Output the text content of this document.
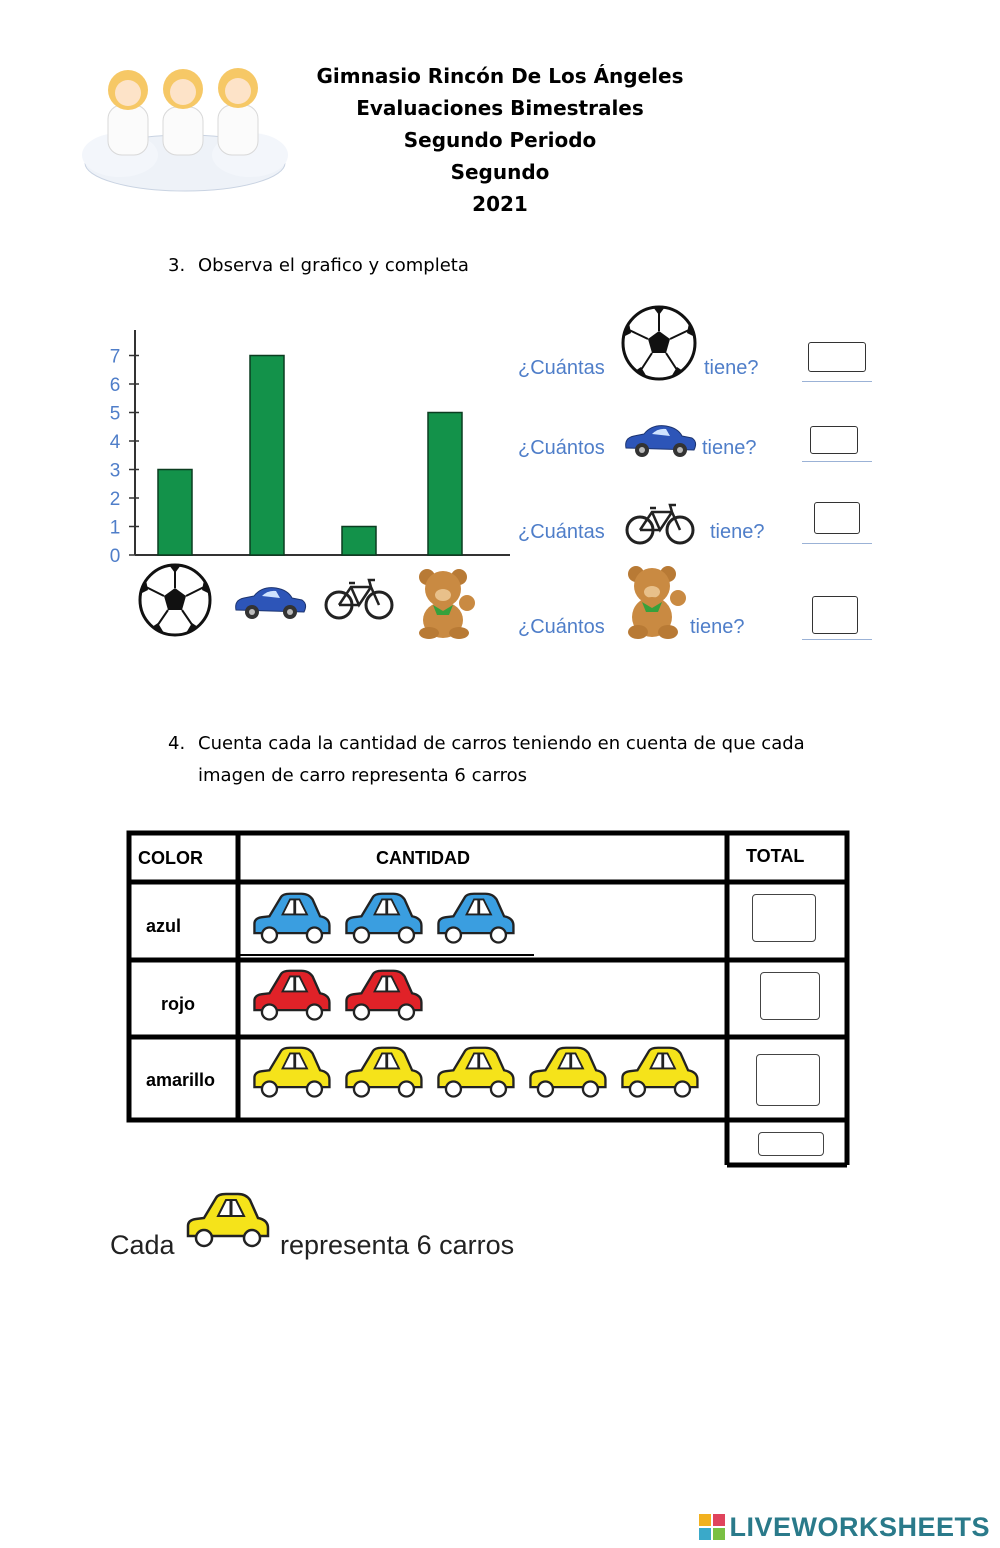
Gimnasio Rincón De Los Ángeles
Evaluaciones Bimestrales
Segundo Periodo
Segundo
2021
3. Observa el grafico y completa
0
1
2
3
4
5
6
7	¿Cuántas	tiene?
¿Cuántos	tiene?
¿Cuántas	tiene?
¿Cuántos	tiene?
4. Cuenta cada la cantidad de carros teniendo en cuenta de que cada
imagen de carro representa 6 carros
COLOR	CANTIDAD	TOTAL
azul
rojo
amarillo
Cada	representa 6 carros
LIVEWORKSHEETS
